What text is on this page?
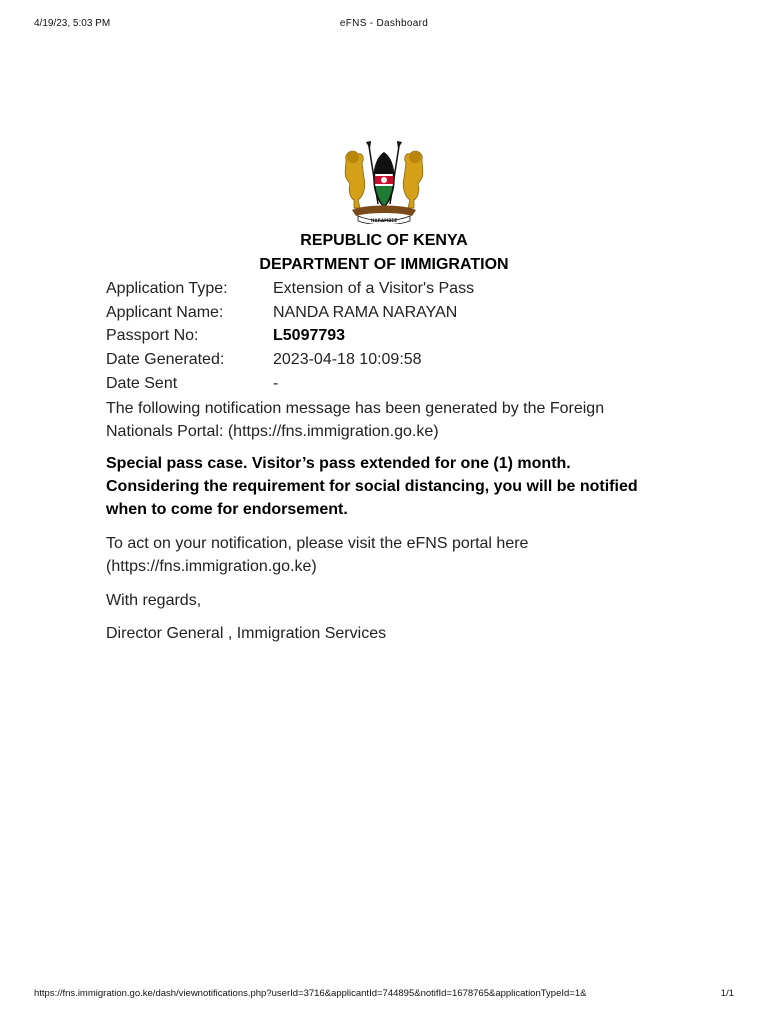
4/19/23, 5:03 PM	eFNS - Dashboard
HARAMBEE
REPUBLIC OF KENYA
DEPARTMENT OF IMMIGRATION
Application Type:	Extension of a Visitor's Pass
Applicant Name:	NANDA RAMA NARAYAN
Passport No:	L5097793
Date Generated:	2023-04-18 10:09:58
Date Sent	-
The following notification message has been generated by the Foreign Nationals Portal: (https://fns.immigration.go.ke)
Special pass case. Visitor’s pass extended for one (1) month. Considering the requirement for social distancing, you will be notified when to come for endorsement.
To act on your notification, please visit the eFNS portal here (https://fns.immigration.go.ke)
With regards,
Director General , Immigration Services
https://fns.immigration.go.ke/dash/viewnotifications.php?userId=3716&applicantId=744895&notifId=1678765&applicationTypeId=1&	1/1
